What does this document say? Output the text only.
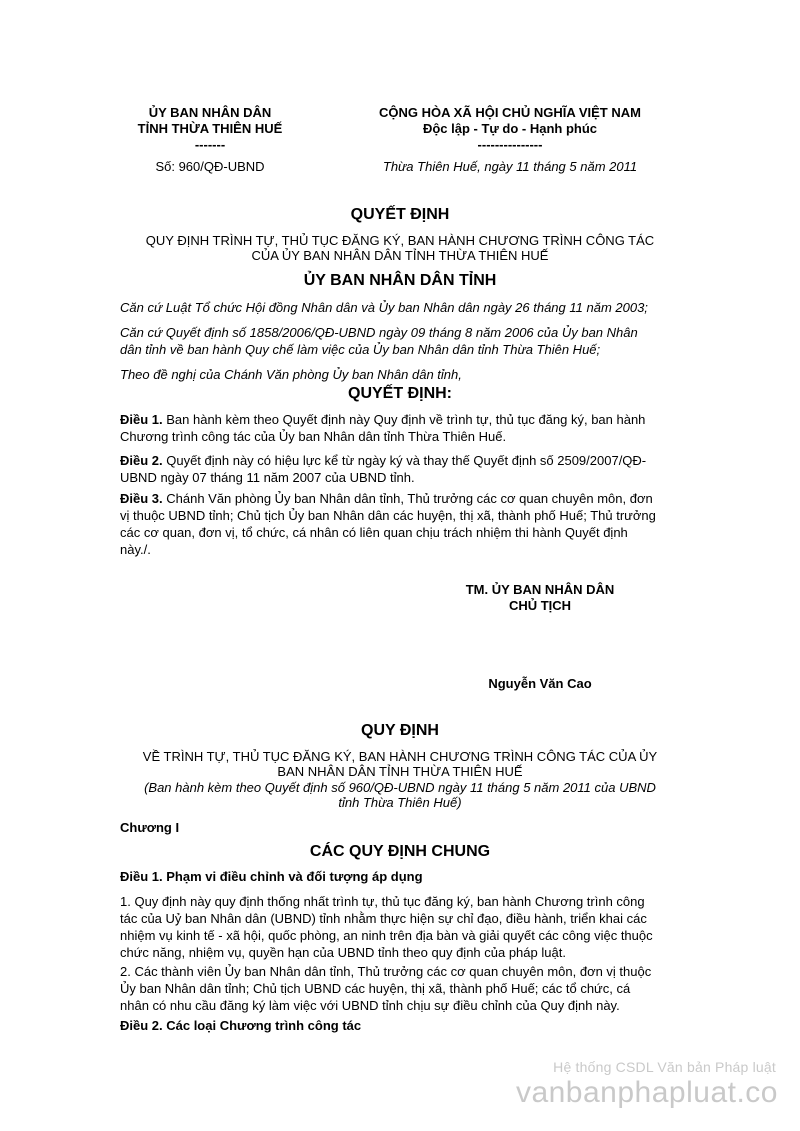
ỦY BAN NHÂN DÂN
TỈNH THỪA THIÊN HUẾ
-------
Số: 960/QĐ-UBND
CỘNG HÒA XÃ HỘI CHỦ NGHĨA VIỆT NAM
Độc lập - Tự do - Hạnh phúc
---------------
Thừa Thiên Huế, ngày 11 tháng 5 năm 2011
QUYẾT ĐỊNH
QUY ĐỊNH TRÌNH TỰ, THỦ TỤC ĐĂNG KÝ, BAN HÀNH CHƯƠNG TRÌNH CÔNG TÁC
CỦA ỦY BAN NHÂN DÂN TỈNH THỪA THIÊN HUẾ
ỦY BAN NHÂN DÂN TỈNH
Căn cứ Luật Tổ chức Hội đồng Nhân dân và Ủy ban Nhân dân ngày 26 tháng 11 năm 2003;
Căn cứ Quyết định số 1858/2006/QĐ-UBND ngày 09 tháng 8 năm 2006 của Ủy ban Nhân
dân tỉnh về ban hành Quy chế làm việc của Ủy ban Nhân dân tỉnh Thừa Thiên Huế;
Theo đề nghị của Chánh Văn phòng Ủy ban Nhân dân tỉnh,
QUYẾT ĐỊNH:
Điều 1. Ban hành kèm theo Quyết định này Quy định về trình tự, thủ tục đăng ký, ban hành
Chương trình công tác của Ủy ban Nhân dân tỉnh Thừa Thiên Huế.
Điều 2. Quyết định này có hiệu lực kể từ ngày ký và thay thế Quyết định số 2509/2007/QĐ-
UBND ngày 07 tháng 11 năm 2007 của UBND tỉnh.
Điều 3. Chánh Văn phòng Ủy ban Nhân dân tỉnh, Thủ trưởng các cơ quan chuyên môn, đơn
vị thuộc UBND tỉnh; Chủ tịch Ủy ban Nhân dân các huyện, thị xã, thành phố Huế; Thủ trưởng
các cơ quan, đơn vị, tổ chức, cá nhân có liên quan chịu trách nhiệm thi hành Quyết định
này./.
TM. ỦY BAN NHÂN DÂN
CHỦ TỊCH
Nguyễn Văn Cao
QUY ĐỊNH
VỀ TRÌNH TỰ, THỦ TỤC ĐĂNG KÝ, BAN HÀNH CHƯƠNG TRÌNH CÔNG TÁC CỦA ỦY
BAN NHÂN DÂN TỈNH THỪA THIÊN HUẾ
(Ban hành kèm theo Quyết định số 960/QĐ-UBND ngày 11 tháng 5 năm 2011 của UBND
tỉnh Thừa Thiên Huế)
Chương I
CÁC QUY ĐỊNH CHUNG
Điều 1. Phạm vi điều chỉnh và đối tượng áp dụng
1. Quy định này quy định thống nhất trình tự, thủ tục đăng ký, ban hành Chương trình công
tác của Uỷ ban Nhân dân (UBND) tỉnh nhằm thực hiện sự chỉ đạo, điều hành, triển khai các
nhiệm vụ kinh tế - xã hội, quốc phòng, an ninh trên địa bàn và giải quyết các công việc thuộc
chức năng, nhiệm vụ, quyền hạn của UBND tỉnh theo quy định của pháp luật.
2. Các thành viên Ủy ban Nhân dân tỉnh, Thủ trưởng các cơ quan chuyên môn, đơn vị thuộc
Ủy ban Nhân dân tỉnh; Chủ tịch UBND các huyện, thị xã, thành phố Huế; các tổ chức, cá
nhân có nhu cầu đăng ký làm việc với UBND tỉnh chịu sự điều chỉnh của Quy định này.
Điều 2. Các loại Chương trình công tác
Hệ thống CSDL Văn bản Pháp luật
vanbanphapluat.co
